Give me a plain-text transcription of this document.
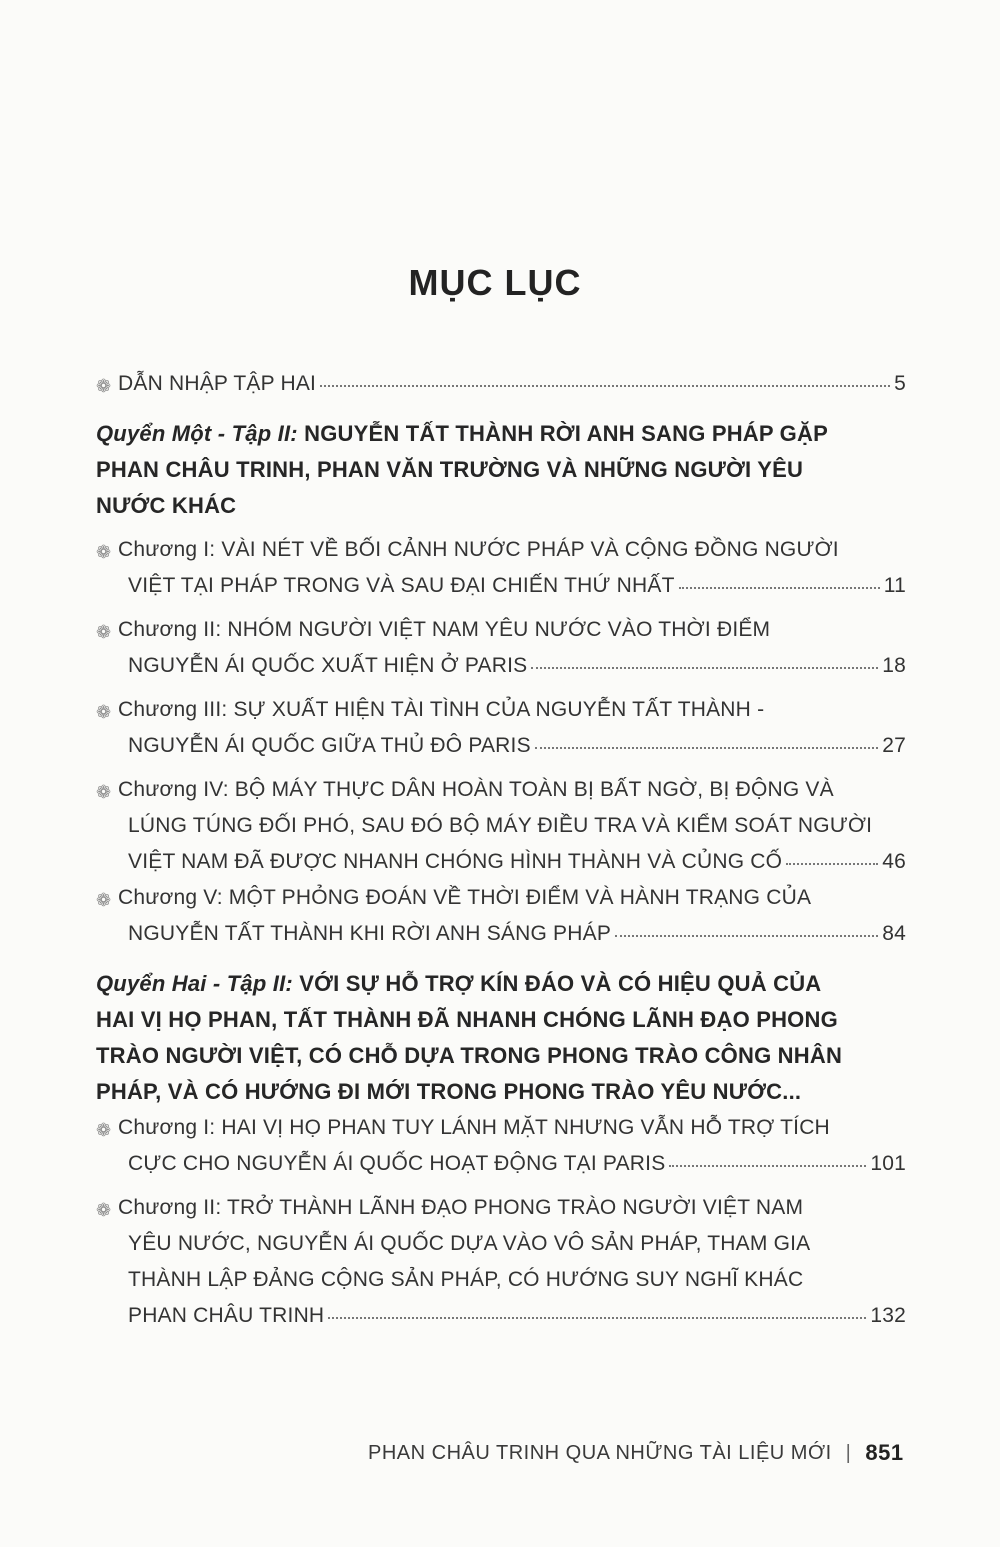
MỤC LỤC
❁ DẪN NHẬP TẬP HAI	5
Quyển Một - Tập II: NGUYỄN TẤT THÀNH RỜI ANH SANG PHÁP GẶP
PHAN CHÂU TRINH, PHAN VĂN TRƯỜNG VÀ NHỮNG NGƯỜI YÊU
NƯỚC KHÁC
❁ Chương I: VÀI NÉT VỀ BỐI CẢNH NƯỚC PHÁP VÀ CỘNG ĐỒNG NGƯỜI
VIỆT TẠI PHÁP TRONG VÀ SAU ĐẠI CHIẾN THỨ NHẤT	11
❁ Chương II: NHÓM NGƯỜI VIỆT NAM YÊU NƯỚC VÀO THỜI ĐIỂM
NGUYỄN ÁI QUỐC XUẤT HIỆN Ở PARIS	18
❁ Chương III: SỰ XUẤT HIỆN TÀI TÌNH CỦA NGUYỄN TẤT THÀNH -
NGUYỄN ÁI QUỐC GIỮA THỦ ĐÔ PARIS	27
❁ Chương IV: BỘ MÁY THỰC DÂN HOÀN TOÀN BỊ BẤT NGỜ, BỊ ĐỘNG VÀ
LÚNG TÚNG ĐỐI PHÓ, SAU ĐÓ BỘ MÁY ĐIỀU TRA VÀ KIỂM SOÁT NGƯỜI
VIỆT NAM ĐÃ ĐƯỢC NHANH CHÓNG HÌNH THÀNH VÀ CỦNG CỐ	46
❁ Chương V: MỘT PHỎNG ĐOÁN VỀ THỜI ĐIỂM VÀ HÀNH TRẠNG CỦA
NGUYỄN TẤT THÀNH KHI RỜI ANH SÁNG PHÁP	84
Quyển Hai - Tập II: VỚI SỰ HỖ TRỢ KÍN ĐÁO VÀ CÓ HIỆU QUẢ CỦA
HAI VỊ HỌ PHAN, TẤT THÀNH ĐÃ NHANH CHÓNG LÃNH ĐẠO PHONG
TRÀO NGƯỜI VIỆT, CÓ CHỖ DỰA TRONG PHONG TRÀO CÔNG NHÂN
PHÁP, VÀ CÓ HƯỚNG ĐI MỚI TRONG PHONG TRÀO YÊU NƯỚC...
❁ Chương I: HAI VỊ HỌ PHAN TUY LÁNH MẶT NHƯNG VẪN HỖ TRỢ TÍCH
CỰC CHO NGUYỄN ÁI QUỐC HOẠT ĐỘNG TẠI PARIS	101
❁ Chương II: TRỞ THÀNH LÃNH ĐẠO PHONG TRÀO NGƯỜI VIỆT NAM
YÊU NƯỚC, NGUYỄN ÁI QUỐC DỰA VÀO VÔ SẢN PHÁP, THAM GIA
THÀNH LẬP ĐẢNG CỘNG SẢN PHÁP, CÓ HƯỚNG SUY NGHĨ KHÁC
PHAN CHÂU TRINH	132
PHAN CHÂU TRINH QUA NHỮNG TÀI LIỆU MỚI | 851
